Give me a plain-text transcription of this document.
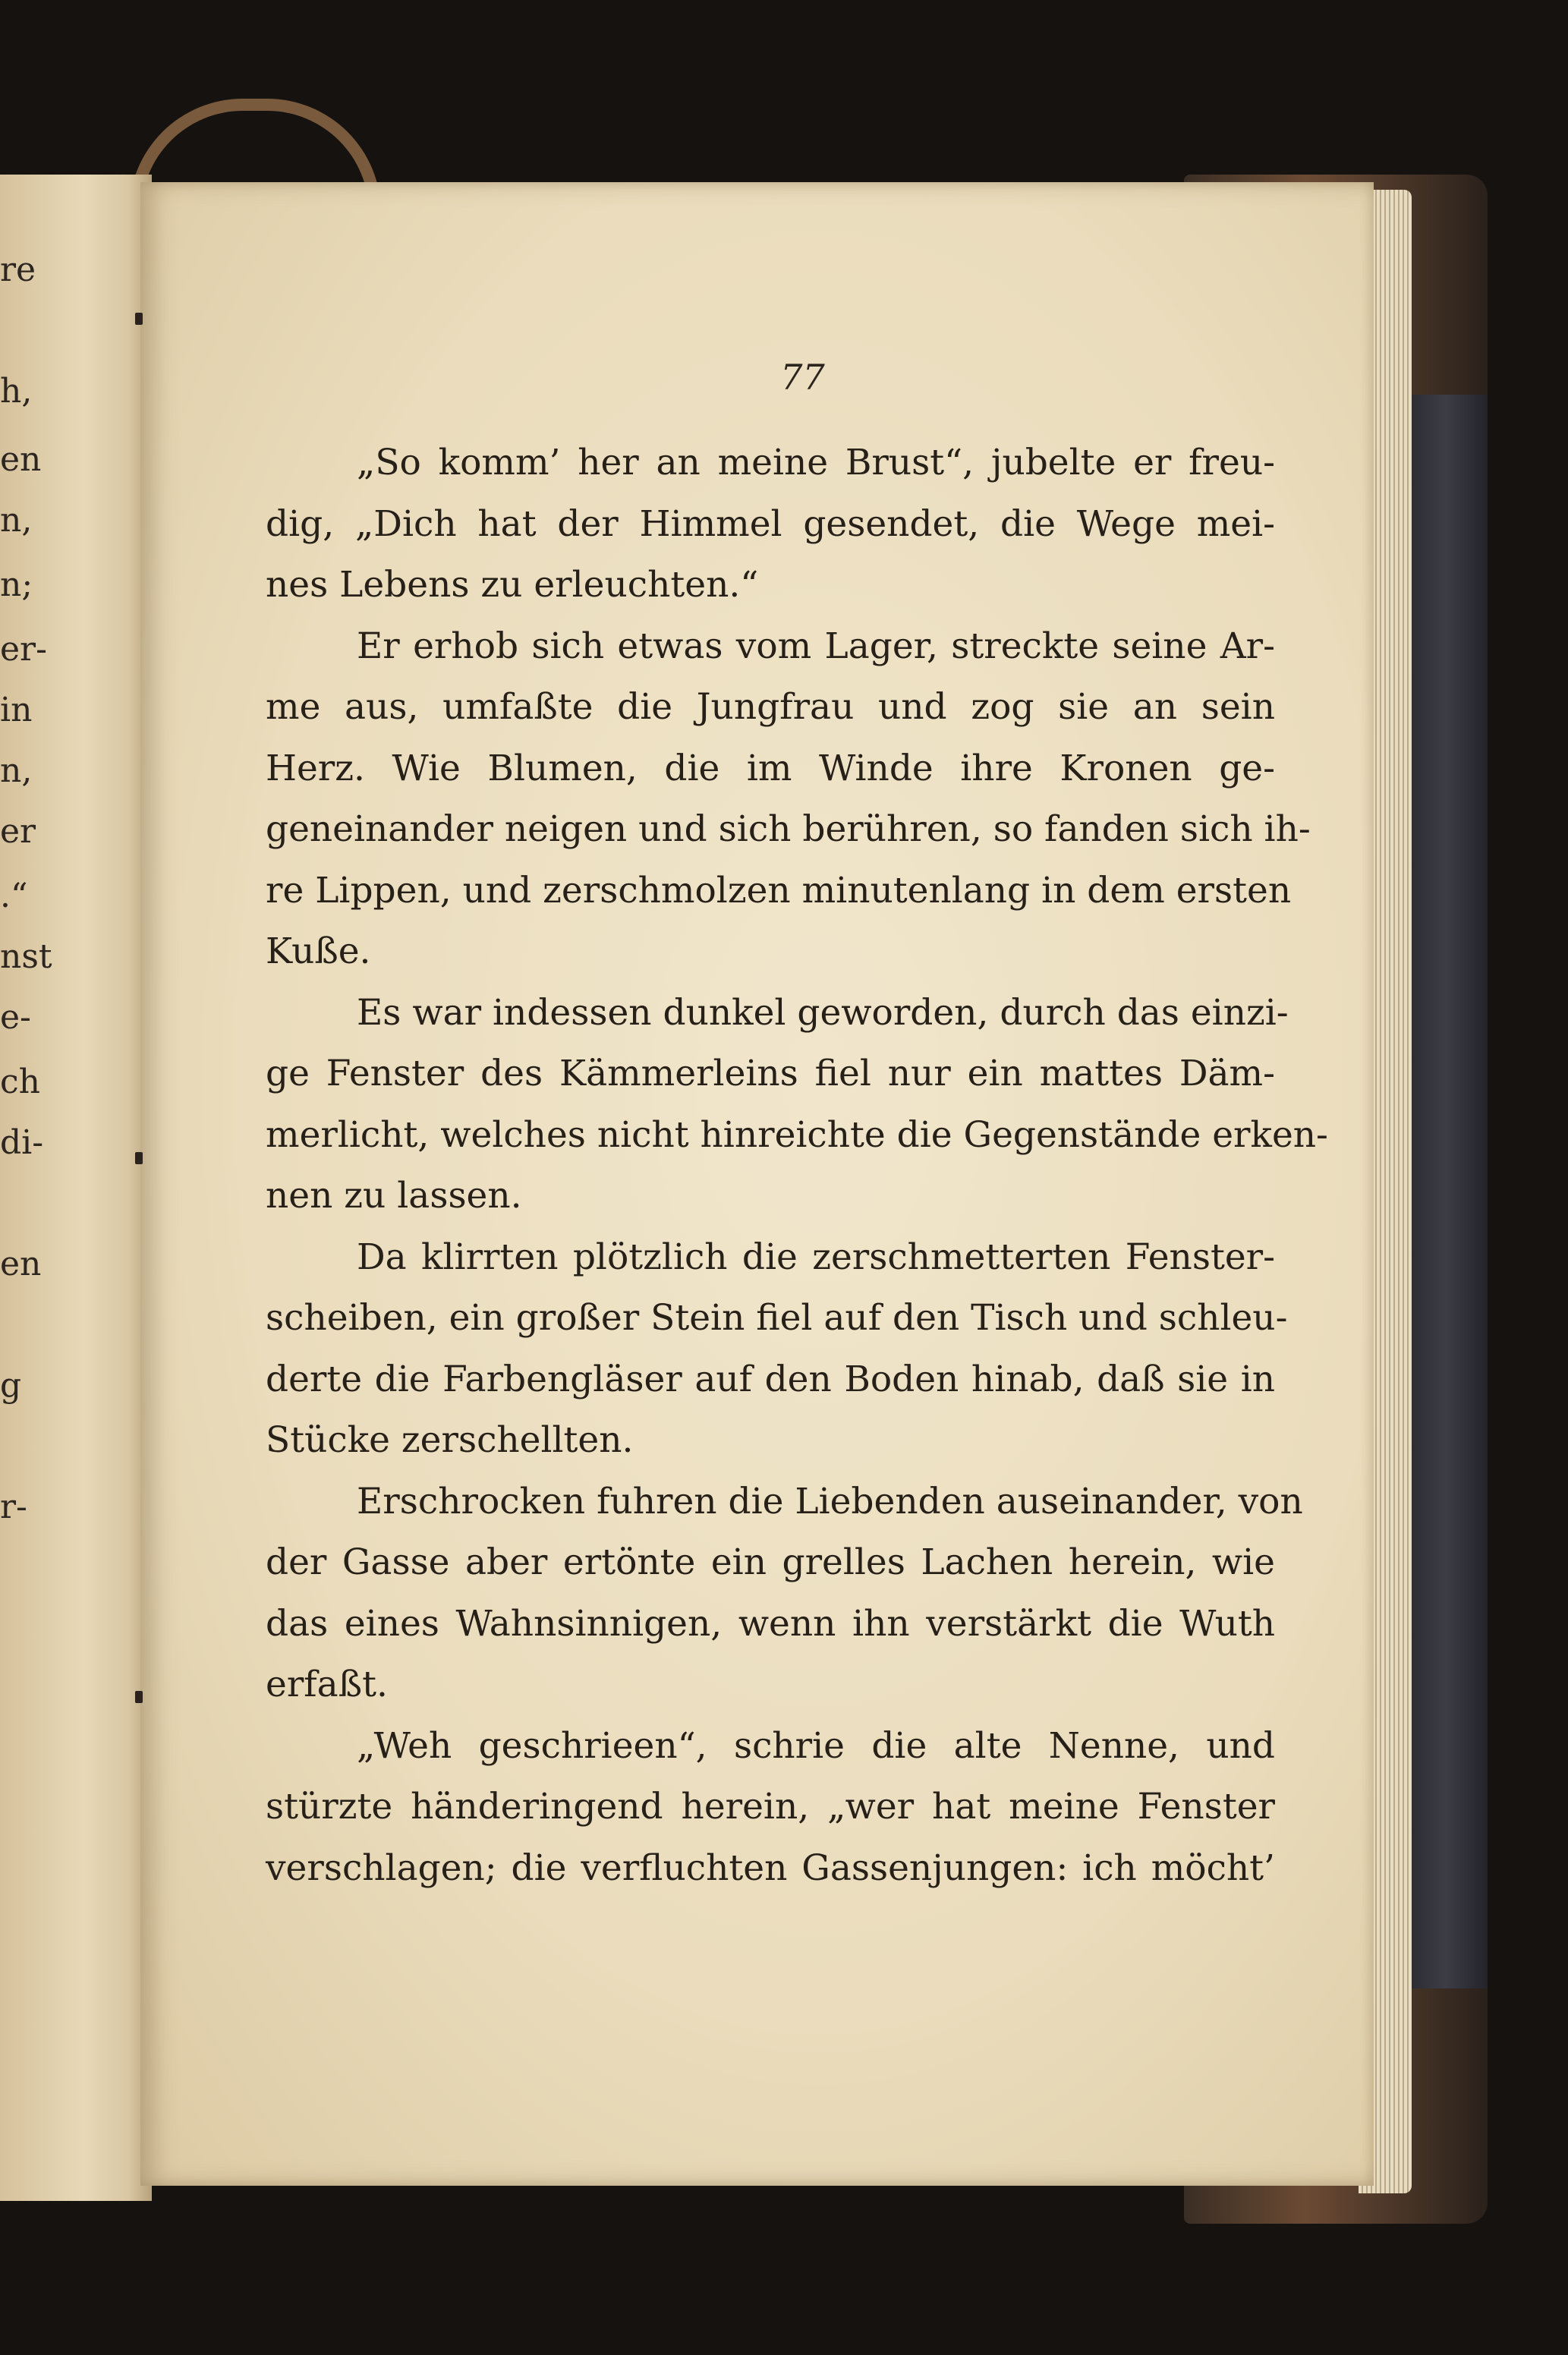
re
h,
en
n,
n;
er-
in
n,
er
.“
nst
e-
ch
di-
en
g
r-
77
„So komm’ her an meine Brust“, jubelte er freu-
dig, „Dich hat der Himmel gesendet, die Wege mei-
nes Lebens zu erleuchten.“
Er erhob sich etwas vom Lager, streckte seine Ar-
me aus, umfaßte die Jungfrau und zog sie an sein
Herz. Wie Blumen, die im Winde ihre Kronen ge-
geneinander neigen und sich berühren, so fanden sich ih-
re Lippen, und zerschmolzen minutenlang in dem ersten
Kuße.
Es war indessen dunkel geworden, durch das einzi-
ge Fenster des Kämmerleins fiel nur ein mattes Däm-
merlicht, welches nicht hinreichte die Gegenstände erken-
nen zu lassen.
Da klirrten plötzlich die zerschmetterten Fenster-
scheiben, ein großer Stein fiel auf den Tisch und schleu-
derte die Farbengläser auf den Boden hinab, daß sie in
Stücke zerschellten.
Erschrocken fuhren die Liebenden auseinander, von
der Gasse aber ertönte ein grelles Lachen herein, wie
das eines Wahnsinnigen, wenn ihn verstärkt die Wuth
erfaßt.
„Weh geschrieen“, schrie die alte Nenne, und
stürzte händeringend herein, „wer hat meine Fenster
verschlagen; die verfluchten Gassenjungen: ich möcht’
